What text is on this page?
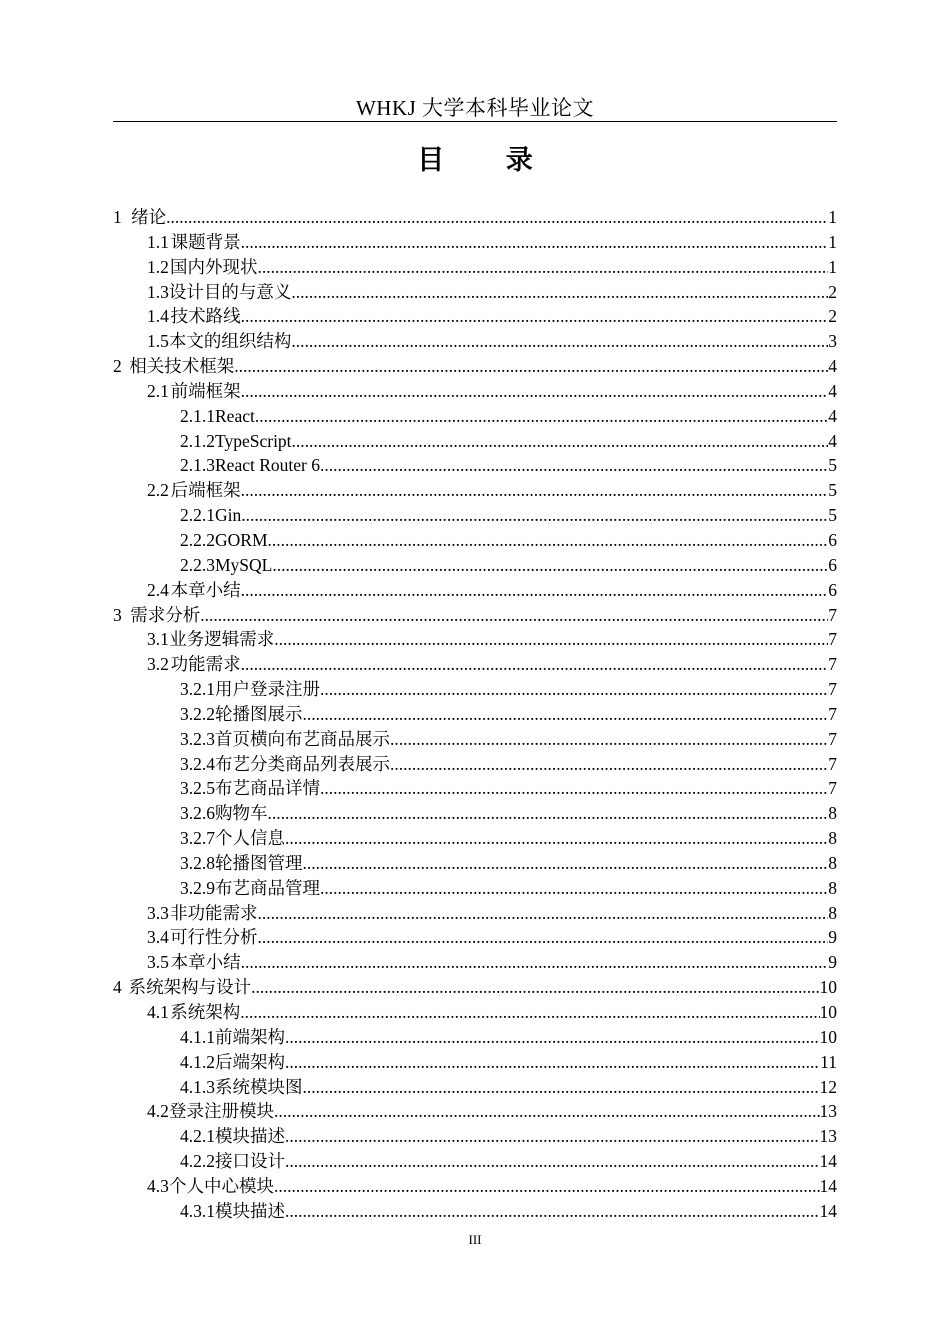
WHKJ 大学本科毕业论文
目 录
1 绪论 .....	1
1.1 课题背景 .....	1
1.2 国内外现状 .....	1
1.3 设计目的与意义 .....	2
1.4 技术路线 .....	2
1.5 本文的组织结构 .....	3
2 相关技术框架 .....	4
2.1 前端框架 .....	4
2.1.1 React .....	4
2.1.2 TypeScript .....	4
2.1.3 React Router 6 .....	5
2.2 后端框架 .....	5
2.2.1 Gin .....	5
2.2.2 GORM .....	6
2.2.3 MySQL .....	6
2.4 本章小结 .....	6
3 需求分析 .....	7
3.1 业务逻辑需求 .....	7
3.2 功能需求 .....	7
3.2.1 用户登录注册 .....	7
3.2.2 轮播图展示 .....	7
3.2.3 首页横向布艺商品展示 .....	7
3.2.4 布艺分类商品列表展示 .....	7
3.2.5 布艺商品详情 .....	7
3.2.6 购物车 .....	8
3.2.7 个人信息 .....	8
3.2.8 轮播图管理 .....	8
3.2.9 布艺商品管理 .....	8
3.3 非功能需求 .....	8
3.4 可行性分析 .....	9
3.5 本章小结 .....	9
4 系统架构与设计 .....	10
4.1 系统架构 .....	10
4.1.1 前端架构 .....	10
4.1.2 后端架构 .....	11
4.1.3 系统模块图 .....	12
4.2 登录注册模块 .....	13
4.2.1 模块描述 .....	13
4.2.2 接口设计 .....	14
4.3 个人中心模块 .....	14
4.3.1 模块描述 .....	14
III
